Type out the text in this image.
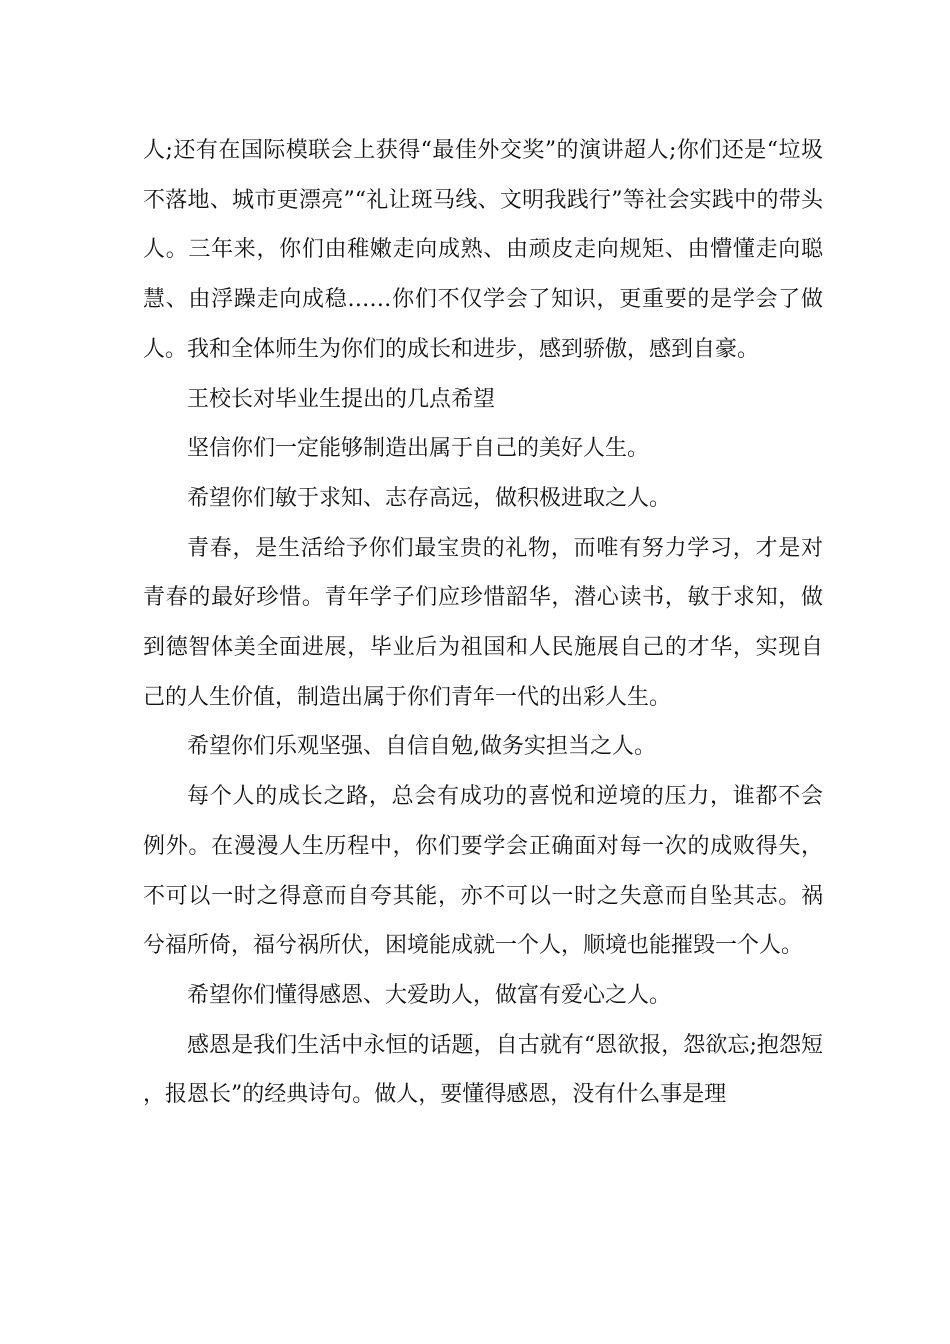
人;还有在国际模联会上获得“最佳外交奖”的演讲超人;你们还是“垃圾不落地、城市更漂亮”“礼让斑马线、文明我践行”等社会实践中的带头人。三年来，你们由稚嫩走向成熟、由顽皮走向规矩、由懵懂走向聪慧、由浮躁走向成稳……你们不仅学会了知识，更重要的是学会了做人。我和全体师生为你们的成长和进步，感到骄傲，感到自豪。

王校长对毕业生提出的几点希望

坚信你们一定能够制造出属于自己的美好人生。

希望你们敏于求知、志存高远，做积极进取之人。

青春，是生活给予你们最宝贵的礼物，而唯有努力学习，才是对青春的最好珍惜。青年学子们应珍惜韶华，潜心读书，敏于求知，做到德智体美全面进展，毕业后为祖国和人民施展自己的才华，实现自己的人生价值，制造出属于你们青年一代的出彩人生。

希望你们乐观坚强、自信自勉,做务实担当之人。

每个人的成长之路，总会有成功的喜悦和逆境的压力，谁都不会例外。在漫漫人生历程中，你们要学会正确面对每一次的成败得失，不可以一时之得意而自夸其能，亦不可以一时之失意而自坠其志。祸兮福所倚，福兮祸所伏，困境能成就一个人，顺境也能摧毁一个人。

希望你们懂得感恩、大爱助人，做富有爱心之人。

感恩是我们生活中永恒的话题，自古就有“恩欲报，怨欲忘;抱怨短，报恩长”的经典诗句。做人，要懂得感恩，没有什么事是理
